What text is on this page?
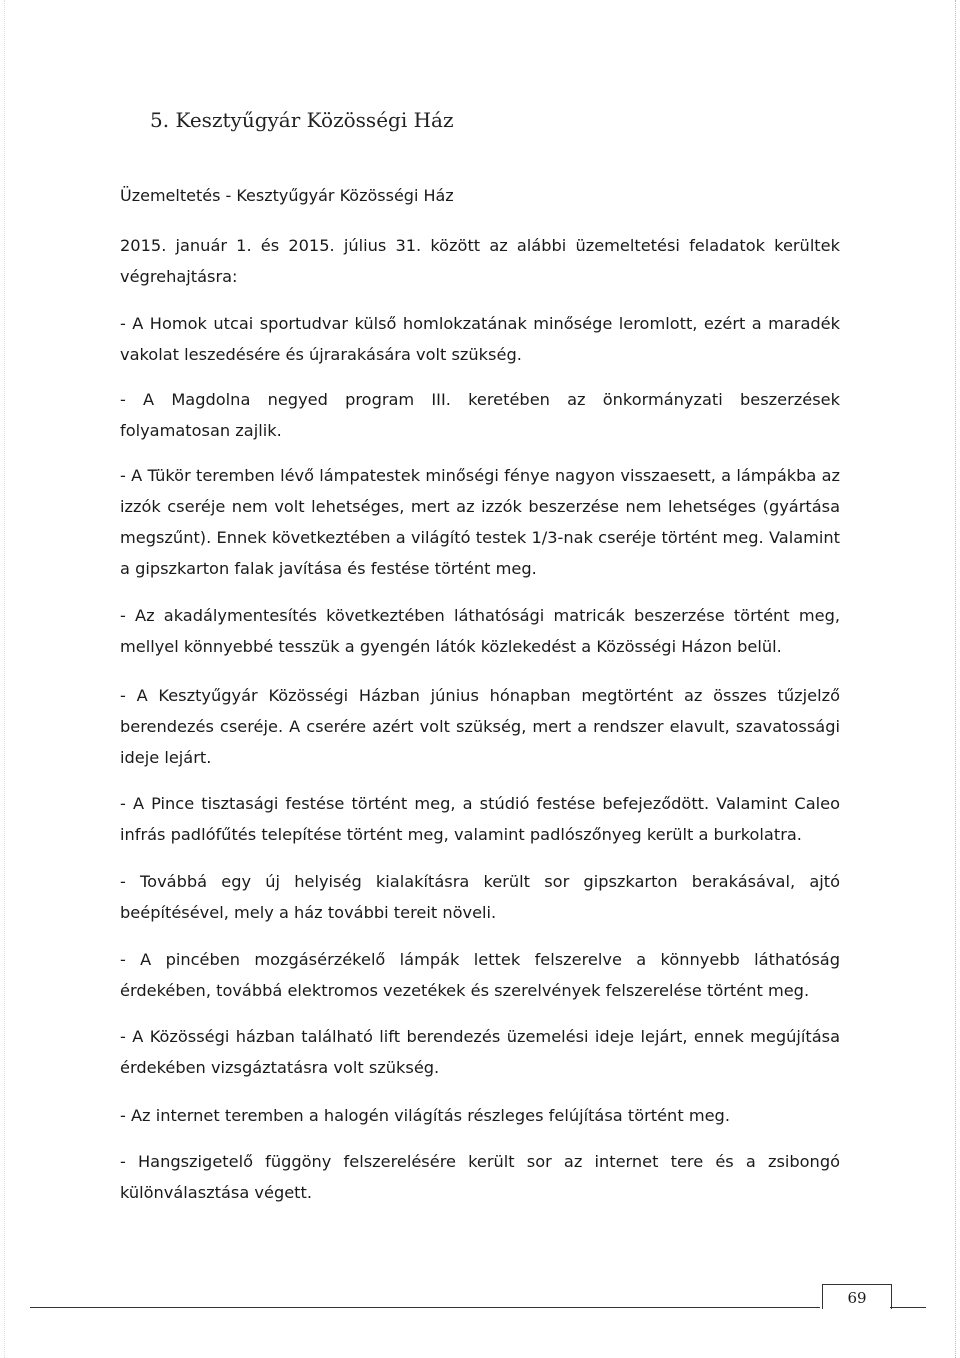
5. Kesztyűgyár Közösségi Ház
Üzemeltetés - Kesztyűgyár Közösségi Ház

2015. január 1. és 2015. július 31. között az alábbi üzemeltetési feladatok kerültek végrehajtásra:

- A Homok utcai sportudvar külső homlokzatának minősége leromlott, ezért a maradék vakolat leszedésére és újrarakására volt szükség.

- A Magdolna negyed program III. keretében az önkormányzati beszerzések folyamatosan zajlik.

- A Tükör teremben lévő lámpatestek minőségi fénye nagyon visszaesett, a lámpákba az izzók cseréje nem volt lehetséges, mert az izzók beszerzése nem lehetséges (gyártása megszűnt). Ennek következtében a világító testek 1/3-nak cseréje történt meg. Valamint a gipszkarton falak javítása és festése történt meg.

- Az akadálymentesítés következtében láthatósági matricák beszerzése történt meg, mellyel könnyebbé tesszük a gyengén látók közlekedést a Közösségi Házon belül.

- A Kesztyűgyár Közösségi Házban június hónapban megtörtént az összes tűzjelző berendezés cseréje. A cserére azért volt szükség, mert a rendszer elavult, szavatossági ideje lejárt.

- A Pince tisztasági festése történt meg, a stúdió festése befejeződött. Valamint Caleo infrás padlófűtés telepítése történt meg, valamint padlószőnyeg került a burkolatra.

- Továbbá egy új helyiség kialakításra került sor gipszkarton berakásával, ajtó beépítésével, mely a ház további tereit növeli.

- A pincében mozgásérzékelő lámpák lettek felszerelve a könnyebb láthatóság érdekében, továbbá elektromos vezetékek és szerelvények felszerelése történt meg.

- A Közösségi házban található lift berendezés üzemelési ideje lejárt, ennek megújítása érdekében vizsgáztatásra volt szükség.

- Az internet teremben a halogén világítás részleges felújítása történt meg.

- Hangszigetelő függöny felszerelésére került sor az internet tere és a zsibongó különválasztása végett.

69
